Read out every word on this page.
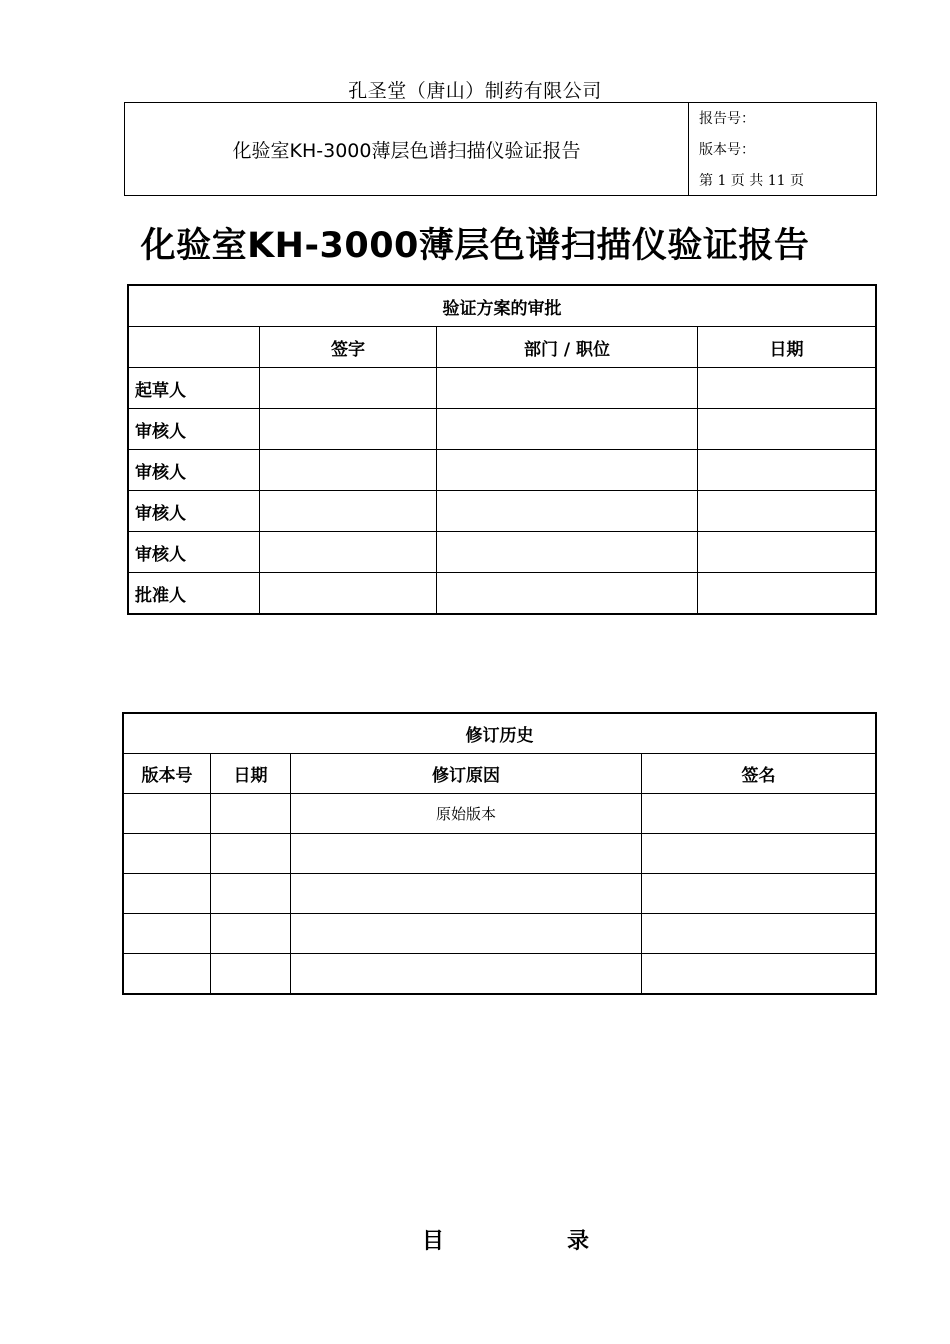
孔圣堂（唐山）制药有限公司
化验室KH-3000薄层色谱扫描仪验证报告	报告号：
版本号：
第 1 页 共 11 页
化验室KH-3000薄层色谱扫描仪验证报告
验证方案的审批			
	签字	部门 / 职位	日期
起草人			
审核人			
审核人			
审核人			
审核人			
批准人			
修订历史			
版本号	日期	修订原因	签名
		原始版本	

目	录
